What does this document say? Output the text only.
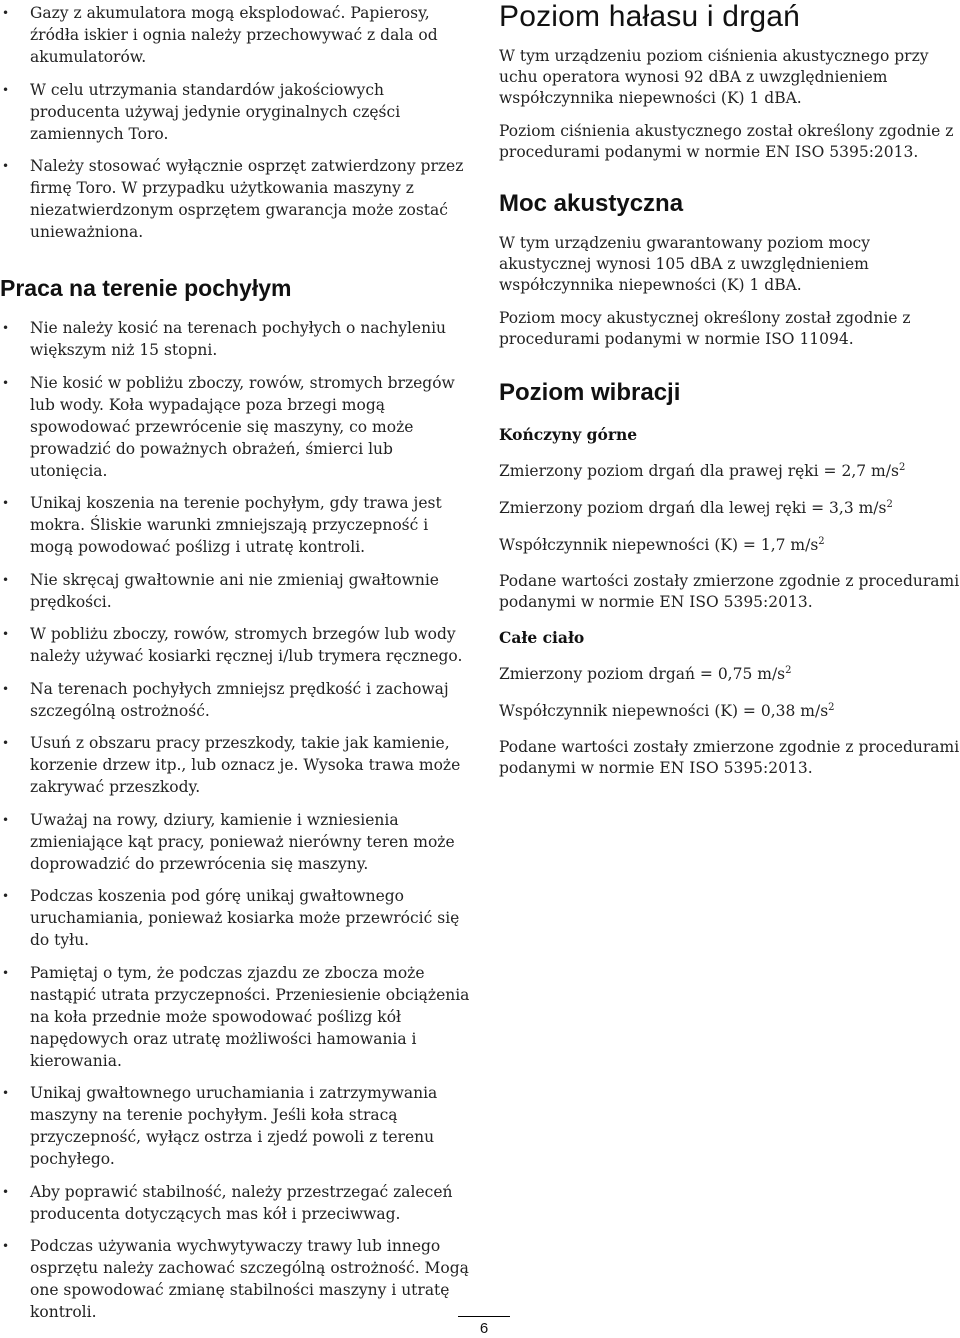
• Gazy z akumulatora mogą eksplodować. Papierosy, źródła iskier i ognia należy przechowywać z dala od akumulatorów.
• W celu utrzymania standardów jakościowych producenta używaj jedynie oryginalnych części zamiennych Toro.
• Należy stosować wyłącznie osprzęt zatwierdzony przez firmę Toro. W przypadku użytkowania maszyny z niezatwierdzonym osprzętem gwarancja może zostać unieważniona.
Praca na terenie pochyłym
• Nie należy kosić na terenach pochyłych o nachyleniu większym niż 15 stopni.
• Nie kosić w pobliżu zboczy, rowów, stromych brzegów lub wody. Koła wypadające poza brzegi mogą spowodować przewrócenie się maszyny, co może prowadzić do poważnych obrażeń, śmierci lub utonięcia.
• Unikaj koszenia na terenie pochyłym, gdy trawa jest mokra. Śliskie warunki zmniejszają przyczepność i mogą powodować poślizg i utratę kontroli.
• Nie skręcaj gwałtownie ani nie zmieniaj gwałtownie prędkości.
• W pobliżu zboczy, rowów, stromych brzegów lub wody należy używać kosiarki ręcznej i/lub trymera ręcznego.
• Na terenach pochyłych zmniejsz prędkość i zachowaj szczególną ostrożność.
• Usuń z obszaru pracy przeszkody, takie jak kamienie, korzenie drzew itp., lub oznacz je. Wysoka trawa może zakrywać przeszkody.
• Uważaj na rowy, dziury, kamienie i wzniesienia zmieniające kąt pracy, ponieważ nierówny teren może doprowadzić do przewrócenia się maszyny.
• Podczas koszenia pod górę unikaj gwałtownego uruchamiania, ponieważ kosiarka może przewrócić się do tyłu.
• Pamiętaj o tym, że podczas zjazdu ze zbocza może nastąpić utrata przyczepności. Przeniesienie obciążenia na koła przednie może spowodować poślizg kół napędowych oraz utratę możliwości hamowania i kierowania.
• Unikaj gwałtownego uruchamiania i zatrzymywania maszyny na terenie pochyłym. Jeśli koła stracą przyczepność, wyłącz ostrza i zjedź powoli z terenu pochyłego.
• Aby poprawić stabilność, należy przestrzegać zaleceń producenta dotyczących mas kół i przeciwwag.
• Podczas używania wychwytywaczy trawy lub innego osprzętu należy zachować szczególną ostrożność. Mogą one spowodować zmianę stabilności maszyny i utratę kontroli.
Poziom hałasu i drgań

W tym urządzeniu poziom ciśnienia akustycznego przy uchu operatora wynosi 92 dBA z uwzględnieniem współczynnika niepewności (K) 1 dBA.

Poziom ciśnienia akustycznego został określony zgodnie z procedurami podanymi w normie EN ISO 5395:2013.

Moc akustyczna

W tym urządzeniu gwarantowany poziom mocy akustycznej wynosi 105 dBA z uwzględnieniem współczynnika niepewności (K) 1 dBA.

Poziom mocy akustycznej określony został zgodnie z procedurami podanymi w normie ISO 11094.

Poziom wibracji

Kończyny górne

Zmierzony poziom drgań dla prawej ręki = 2,7 $m/s^2$

Zmierzony poziom drgań dla lewej ręki = 3,3 $m/s^2$

Współczynnik niepewności (K) = 1,7 $m/s^2$

Podane wartości zostały zmierzone zgodnie z procedurami podanymi w normie EN ISO 5395:2013.

Całe ciało

Zmierzony poziom drgań = 0,75 $m/s^2$

Współczynnik niepewności (K) = 0,38 $m/s^2$

Podane wartości zostały zmierzone zgodnie z procedurami podanymi w normie EN ISO 5395:2013.

6
